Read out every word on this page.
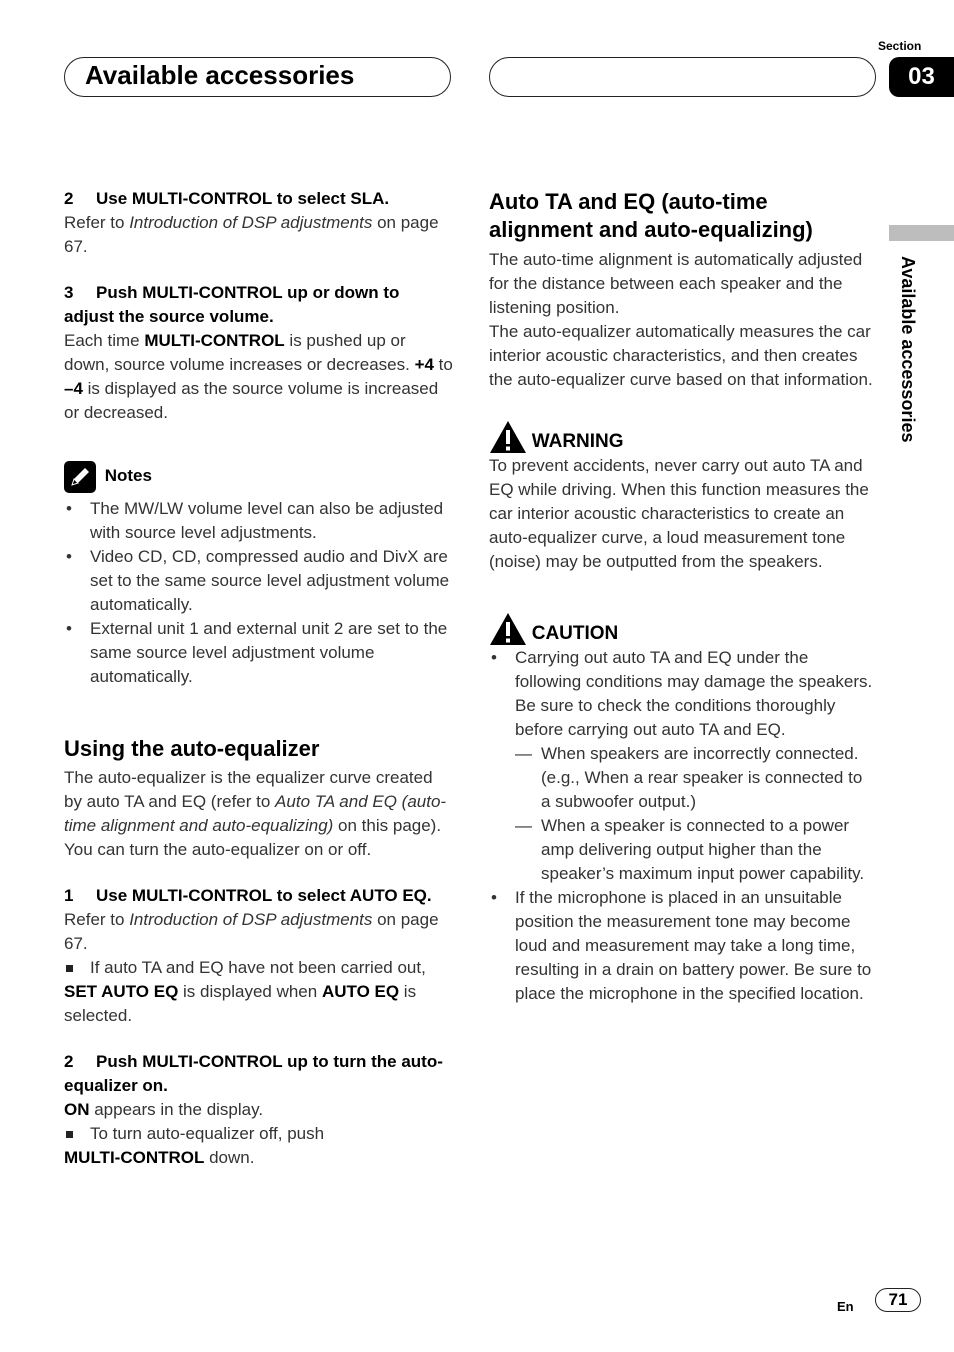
Available accessories
Section
03
Available accessories

2 Use MULTI-CONTROL to select SLA.

Refer to Introduction of DSP adjustments on page 67.

3 Push MULTI-CONTROL up or down to adjust the source volume.

Each time MULTI-CONTROL is pushed up or down, source volume increases or decreases. +4 to –4 is displayed as the source volume is increased or decreased.

Notes
• The MW/LW volume level can also be adjusted with source level adjustments.
• Video CD, CD, compressed audio and DivX are set to the same source level adjustment volume automatically.
• External unit 1 and external unit 2 are set to the same source level adjustment volume automatically.

Using the auto-equalizer

The auto-equalizer is the equalizer curve created by auto TA and EQ (refer to Auto TA and EQ (auto-time alignment and auto-equalizing) on this page).

You can turn the auto-equalizer on or off.

1 Use MULTI-CONTROL to select AUTO EQ.

Refer to Introduction of DSP adjustments on page 67.

If auto TA and EQ have not been carried out,

SET AUTO EQ is displayed when AUTO EQ is selected.

2 Push MULTI-CONTROL up to turn the auto-equalizer on.

ON appears in the display.

To turn auto-equalizer off, push

MULTI-CONTROL down.

Auto TA and EQ (auto-time alignment and auto-equalizing)

The auto-time alignment is automatically adjusted for the distance between each speaker and the listening position.

The auto-equalizer automatically measures the car interior acoustic characteristics, and then creates the auto-equalizer curve based on that information.

WARNING

To prevent accidents, never carry out auto TA and EQ while driving. When this function measures the car interior acoustic characteristics to create an auto-equalizer curve, a loud measurement tone (noise) may be outputted from the speakers.

CAUTION
• Carrying out auto TA and EQ under the following conditions may damage the speakers. Be sure to check the conditions thoroughly before carrying out auto TA and EQ.
— When speakers are incorrectly connected. (e.g., When a rear speaker is connected to a subwoofer output.)
— When a speaker is connected to a power amp delivering output higher than the speaker’s maximum input power capability.
• If the microphone is placed in an unsuitable position the measurement tone may become loud and measurement may take a long time, resulting in a drain on battery power. Be sure to place the microphone in the specified location.
En	71
